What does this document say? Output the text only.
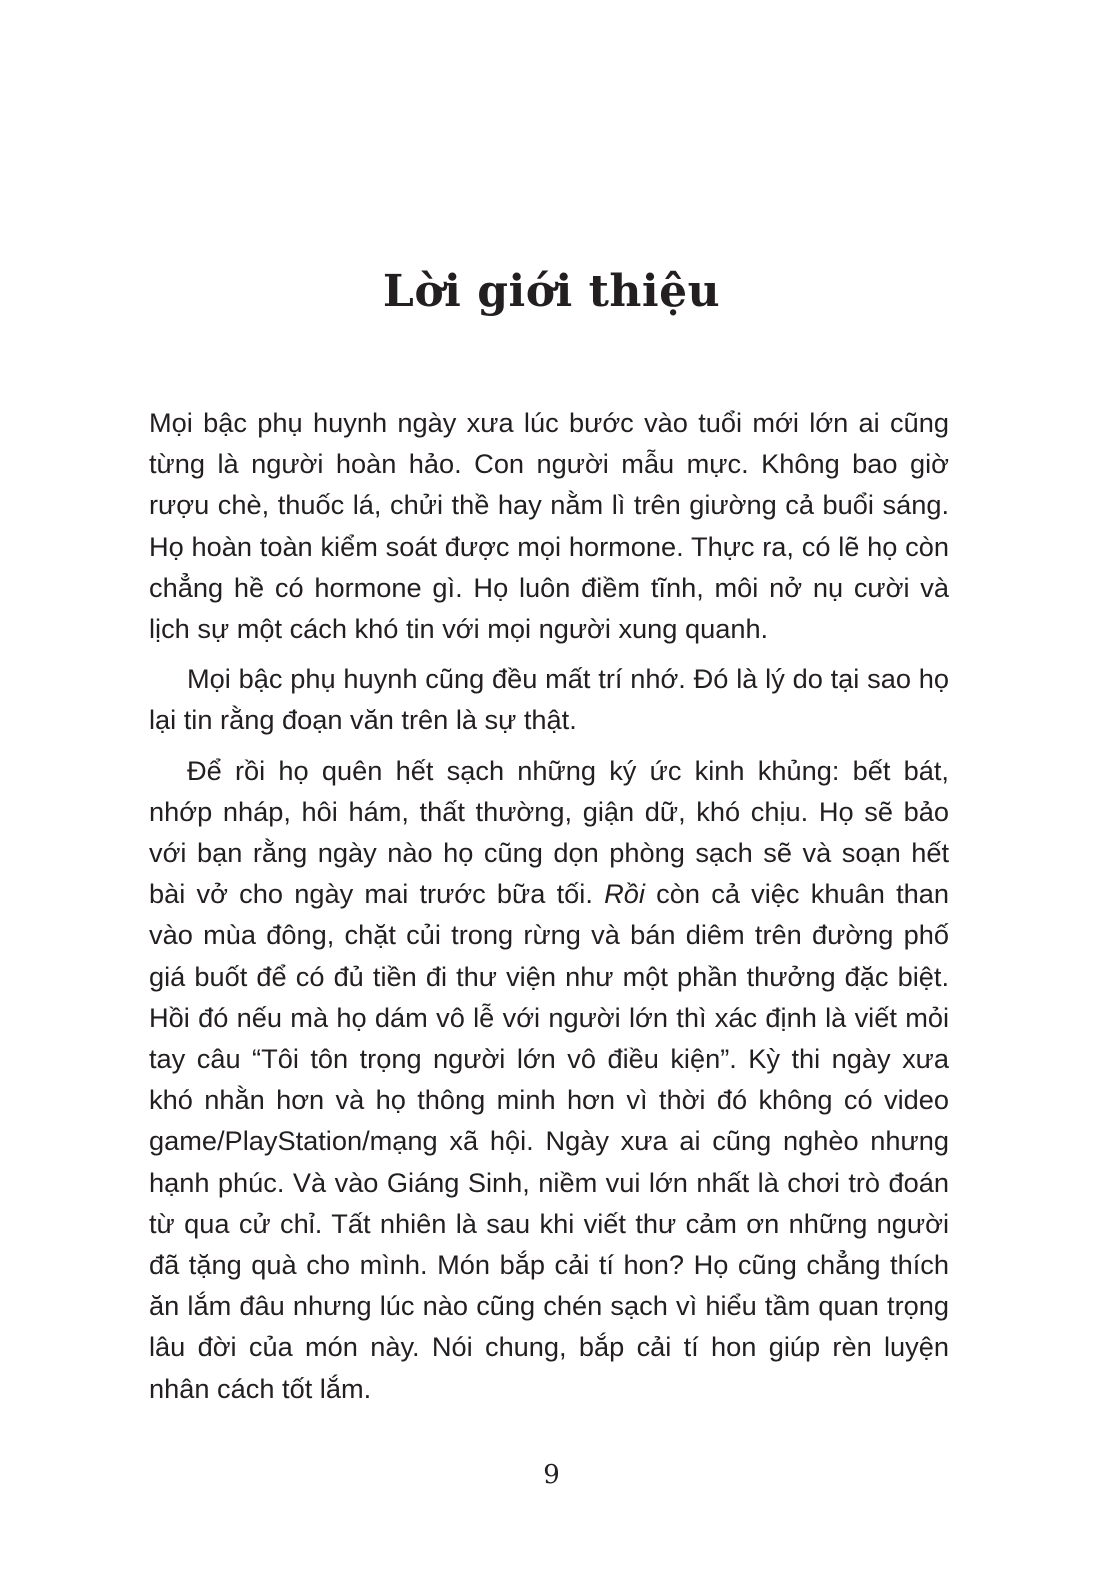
Lời giới thiệu

Mọi bậc phụ huynh ngày xưa lúc bước vào tuổi mới lớn ai cũng từng là người hoàn hảo. Con người mẫu mực. Không bao giờ rượu chè, thuốc lá, chửi thề hay nằm lì trên giường cả buổi sáng. Họ hoàn toàn kiểm soát được mọi hormone. Thực ra, có lẽ họ còn chẳng hề có hormone gì. Họ luôn điềm tĩnh, môi nở nụ cười và lịch sự một cách khó tin với mọi người xung quanh.

Mọi bậc phụ huynh cũng đều mất trí nhớ. Đó là lý do tại sao họ lại tin rằng đoạn văn trên là sự thật.

Để rồi họ quên hết sạch những ký ức kinh khủng: bết bát, nhớp nháp, hôi hám, thất thường, giận dữ, khó chịu. Họ sẽ bảo với bạn rằng ngày nào họ cũng dọn phòng sạch sẽ và soạn hết bài vở cho ngày mai trước bữa tối. Rồi còn cả việc khuân than vào mùa đông, chặt củi trong rừng và bán diêm trên đường phố giá buốt để có đủ tiền đi thư viện như một phần thưởng đặc biệt. Hồi đó nếu mà họ dám vô lễ với người lớn thì xác định là viết mỏi tay câu “Tôi tôn trọng người lớn vô điều kiện”. Kỳ thi ngày xưa khó nhằn hơn và họ thông minh hơn vì thời đó không có video game/PlayStation/mạng xã hội. Ngày xưa ai cũng nghèo nhưng hạnh phúc. Và vào Giáng Sinh, niềm vui lớn nhất là chơi trò đoán từ qua cử chỉ. Tất nhiên là sau khi viết thư cảm ơn những người đã tặng quà cho mình. Món bắp cải tí hon? Họ cũng chẳng thích ăn lắm đâu nhưng lúc nào cũng chén sạch vì hiểu tầm quan trọng lâu đời của món này. Nói chung, bắp cải tí hon giúp rèn luyện nhân cách tốt lắm.

9
